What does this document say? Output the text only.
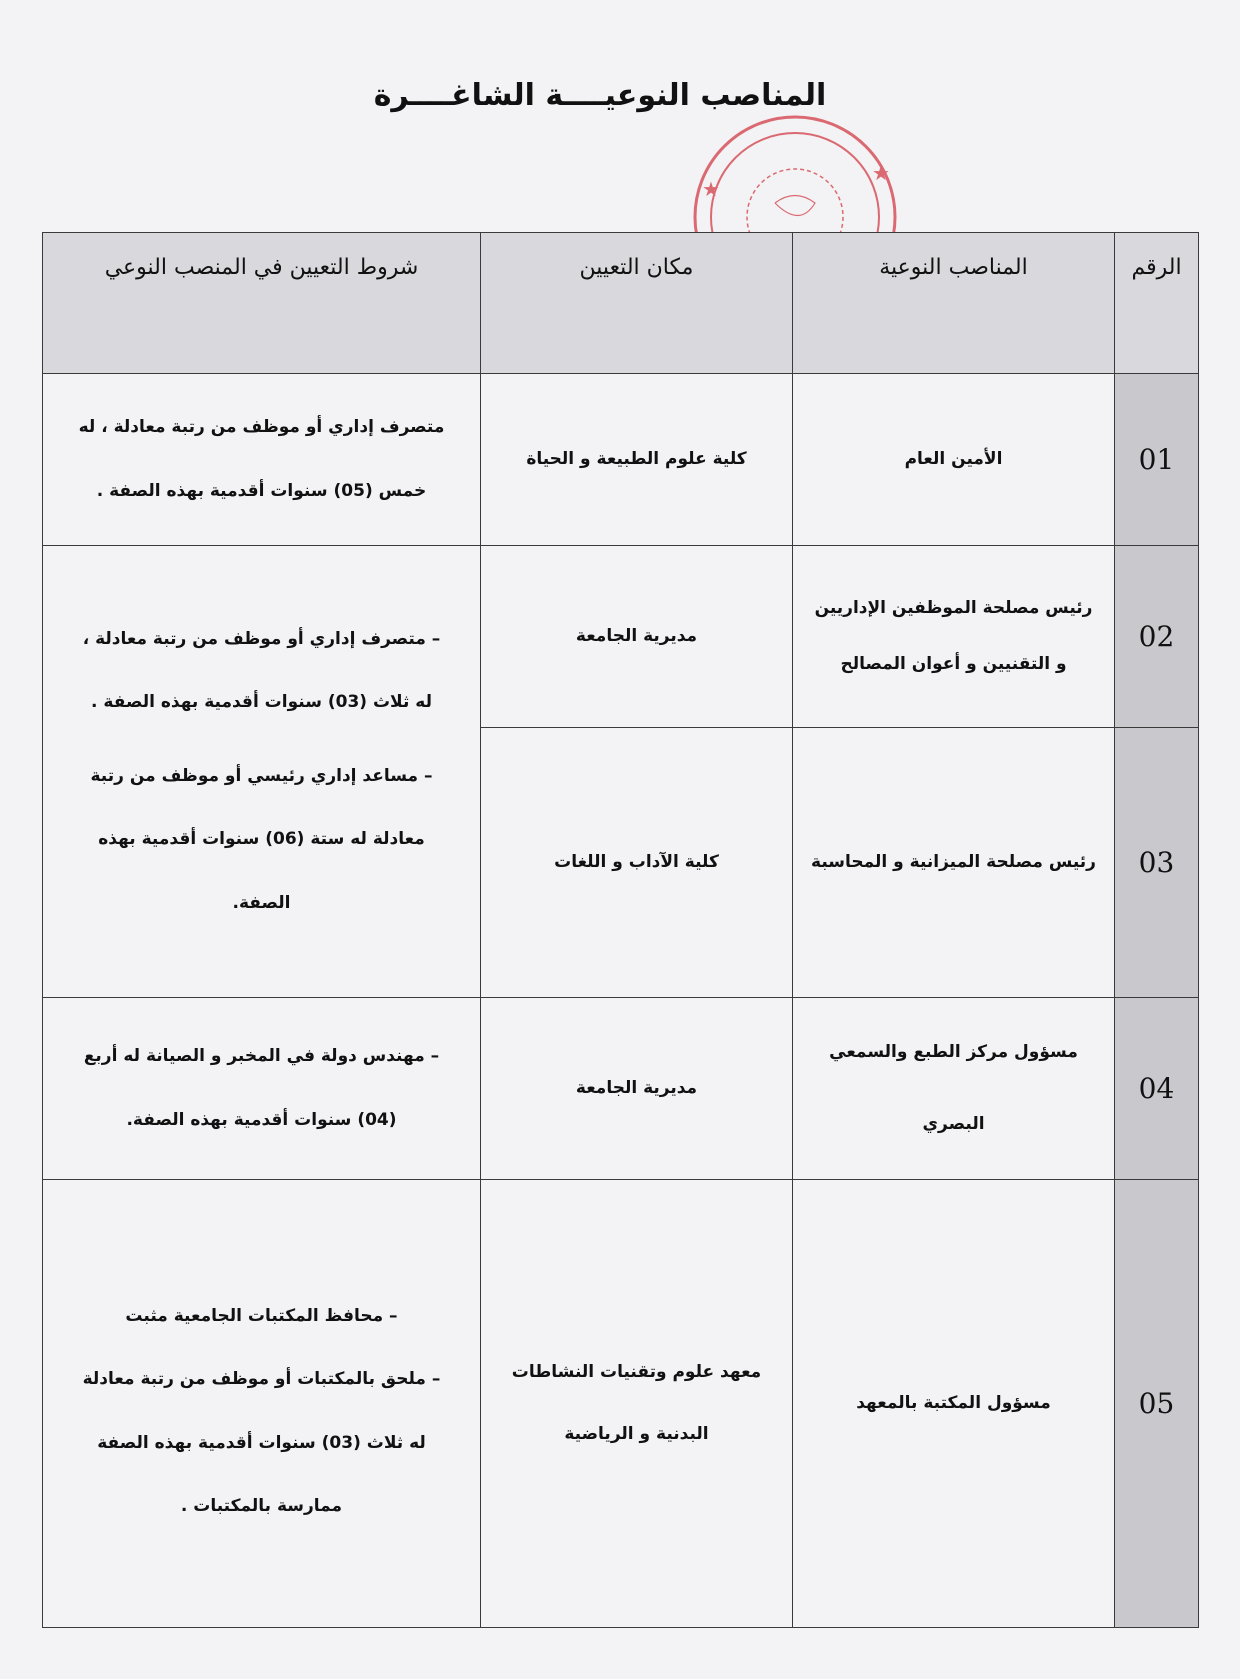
المناصب النوعيــــة الشاغــــرة
★
★
الرقم	المناصب النوعية	مكان التعيين	شروط التعيين في المنصب النوعي
01	الأمين العام	كلية علوم الطبيعة و الحياة	متصرف إداري أو موظف من رتبة معادلة ، له
خمس (05) سنوات أقدمية بهذه الصفة .

02	رئيس مصلحة الموظفين الإداريين
و التقنيين و أعوان المصالح	مديرية الجامعة	– متصرف إداري أو موظف من رتبة معادلة ،
له ثلاث (03) سنوات أقدمية بهذه الصفة .
– مساعد إداري رئيسي أو موظف من رتبة
معادلة له ستة (06) سنوات أقدمية بهذه
الصفة.

03	رئيس مصلحة الميزانية و المحاسبة	كلية الآداب و اللغات	

04	مسؤول مركز الطبع والسمعي
البصري	مديرية الجامعة	– مهندس دولة في المخبر و الصيانة له أربع
(04) سنوات أقدمية بهذه الصفة.

05	مسؤول المكتبة بالمعهد	معهد علوم وتقنيات النشاطات
البدنية و الرياضية	– محافظ المكتبات الجامعية مثبت
– ملحق بالمكتبات أو موظف من رتبة معادلة
له ثلاث (03) سنوات أقدمية بهذه الصفة
ممارسة بالمكتبات .
